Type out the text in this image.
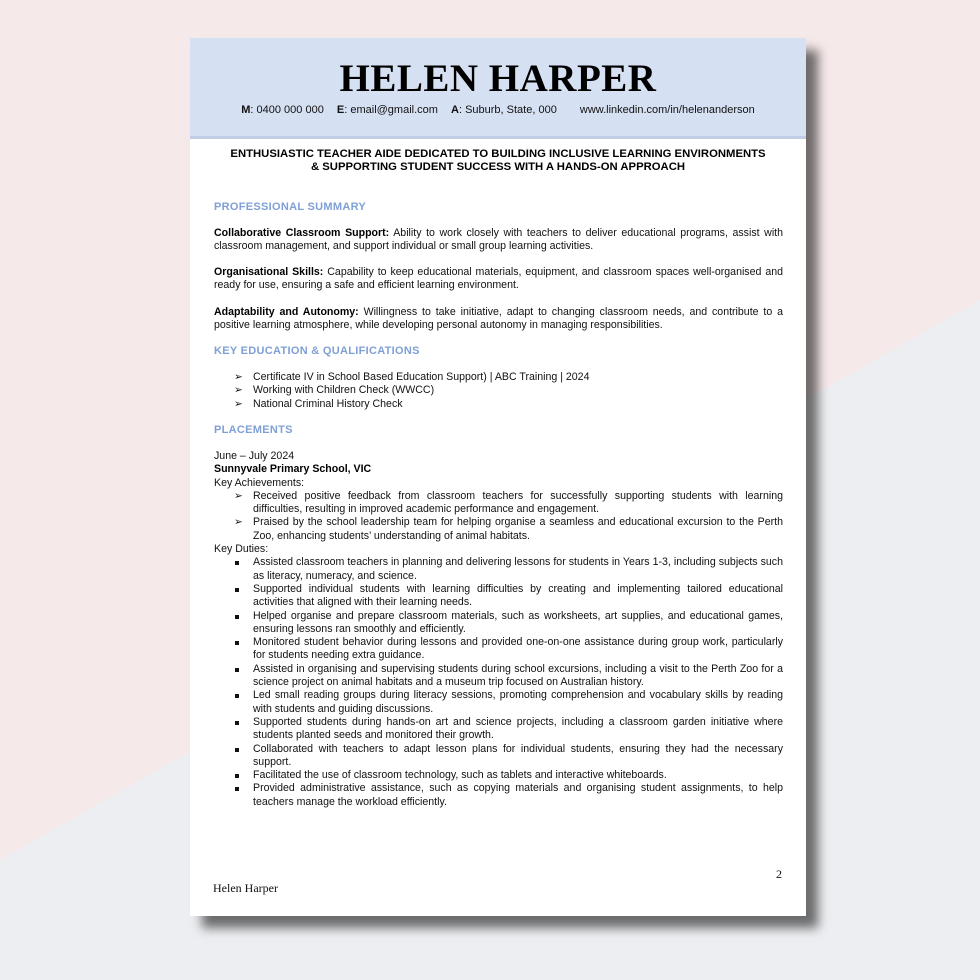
HELEN HARPER
M: 0400 000 000 E: email@gmail.com A: Suburb, State, 000 www.linkedin.com/in/helenanderson
ENTHUSIASTIC TEACHER AIDE DEDICATED TO BUILDING INCLUSIVE LEARNING ENVIRONMENTS
& SUPPORTING STUDENT SUCCESS WITH A HANDS-ON APPROACH
PROFESSIONAL SUMMARY
Collaborative Classroom Support: Ability to work closely with teachers to deliver educational programs, assist with classroom management, and support individual or small group learning activities.
Organisational Skills: Capability to keep educational materials, equipment, and classroom spaces well-organised and ready for use, ensuring a safe and efficient learning environment.
Adaptability and Autonomy: Willingness to take initiative, adapt to changing classroom needs, and contribute to a positive learning atmosphere, while developing personal autonomy in managing responsibilities.
KEY EDUCATION & QUALIFICATIONS
➢ Certificate IV in School Based Education Support) | ABC Training | 2024
➢ Working with Children Check (WWCC)
➢ National Criminal History Check
PLACEMENTS
June – July 2024
Sunnyvale Primary School, VIC
Key Achievements:
➢ Received positive feedback from classroom teachers for successfully supporting students with learning difficulties, resulting in improved academic performance and engagement.
➢ Praised by the school leadership team for helping organise a seamless and educational excursion to the Perth Zoo, enhancing students’ understanding of animal habitats.
Key Duties:
Assisted classroom teachers in planning and delivering lessons for students in Years 1-3, including subjects such as literacy, numeracy, and science.
Supported individual students with learning difficulties by creating and implementing tailored educational activities that aligned with their learning needs.
Helped organise and prepare classroom materials, such as worksheets, art supplies, and educational games, ensuring lessons ran smoothly and efficiently.
Monitored student behavior during lessons and provided one-on-one assistance during group work, particularly for students needing extra guidance.
Assisted in organising and supervising students during school excursions, including a visit to the Perth Zoo for a science project on animal habitats and a museum trip focused on Australian history.
Led small reading groups during literacy sessions, promoting comprehension and vocabulary skills by reading with students and guiding discussions.
Supported students during hands-on art and science projects, including a classroom garden initiative where students planted seeds and monitored their growth.
Collaborated with teachers to adapt lesson plans for individual students, ensuring they had the necessary support.
Facilitated the use of classroom technology, such as tablets and interactive whiteboards.
Provided administrative assistance, such as copying materials and organising student assignments, to help teachers manage the workload efficiently.
2
Helen Harper
